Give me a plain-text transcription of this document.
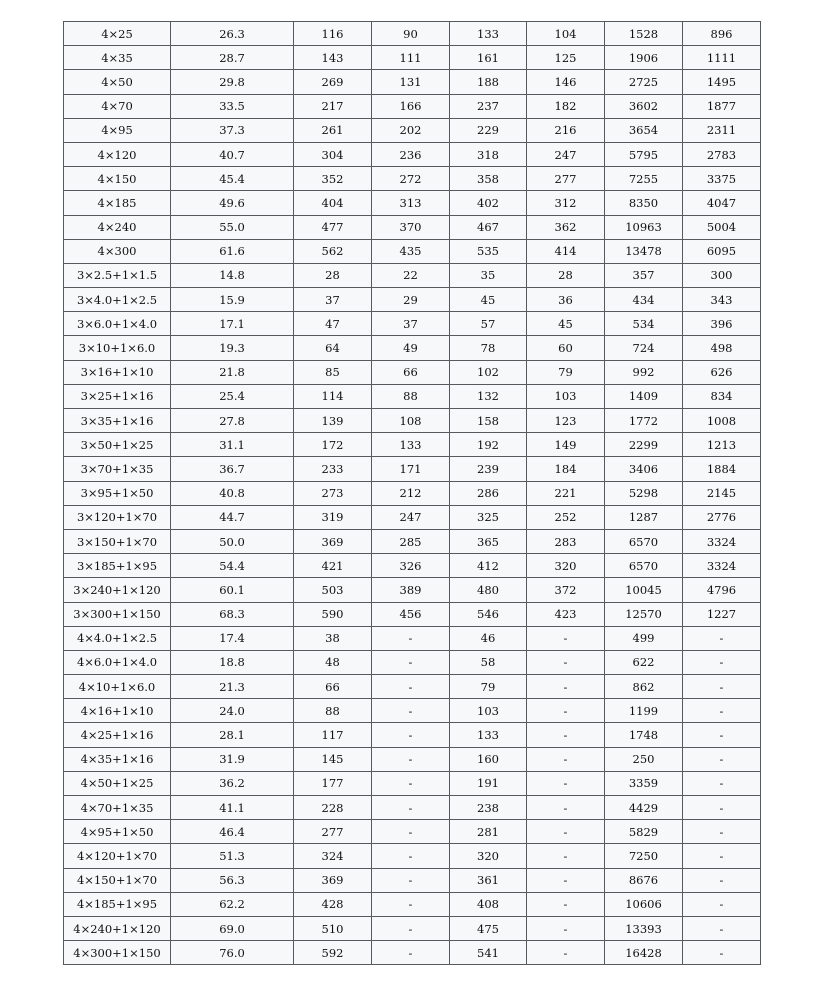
4×25	26.3	116	90	133	104	1528	896
4×35	28.7	143	111	161	125	1906	1111
4×50	29.8	269	131	188	146	2725	1495
4×70	33.5	217	166	237	182	3602	1877
4×95	37.3	261	202	229	216	3654	2311
4×120	40.7	304	236	318	247	5795	2783
4×150	45.4	352	272	358	277	7255	3375
4×185	49.6	404	313	402	312	8350	4047
4×240	55.0	477	370	467	362	10963	5004
4×300	61.6	562	435	535	414	13478	6095
3×2.5+1×1.5	14.8	28	22	35	28	357	300
3×4.0+1×2.5	15.9	37	29	45	36	434	343
3×6.0+1×4.0	17.1	47	37	57	45	534	396
3×10+1×6.0	19.3	64	49	78	60	724	498
3×16+1×10	21.8	85	66	102	79	992	626
3×25+1×16	25.4	114	88	132	103	1409	834
3×35+1×16	27.8	139	108	158	123	1772	1008
3×50+1×25	31.1	172	133	192	149	2299	1213
3×70+1×35	36.7	233	171	239	184	3406	1884
3×95+1×50	40.8	273	212	286	221	5298	2145
3×120+1×70	44.7	319	247	325	252	1287	2776
3×150+1×70	50.0	369	285	365	283	6570	3324
3×185+1×95	54.4	421	326	412	320	6570	3324
3×240+1×120	60.1	503	389	480	372	10045	4796
3×300+1×150	68.3	590	456	546	423	12570	1227
4×4.0+1×2.5	17.4	38	-	46	-	499	-
4×6.0+1×4.0	18.8	48	-	58	-	622	-
4×10+1×6.0	21.3	66	-	79	-	862	-
4×16+1×10	24.0	88	-	103	-	1199	-
4×25+1×16	28.1	117	-	133	-	1748	-
4×35+1×16	31.9	145	-	160	-	250	-
4×50+1×25	36.2	177	-	191	-	3359	-
4×70+1×35	41.1	228	-	238	-	4429	-
4×95+1×50	46.4	277	-	281	-	5829	-
4×120+1×70	51.3	324	-	320	-	7250	-
4×150+1×70	56.3	369	-	361	-	8676	-
4×185+1×95	62.2	428	-	408	-	10606	-
4×240+1×120	69.0	510	-	475	-	13393	-
4×300+1×150	76.0	592	-	541	-	16428	-
